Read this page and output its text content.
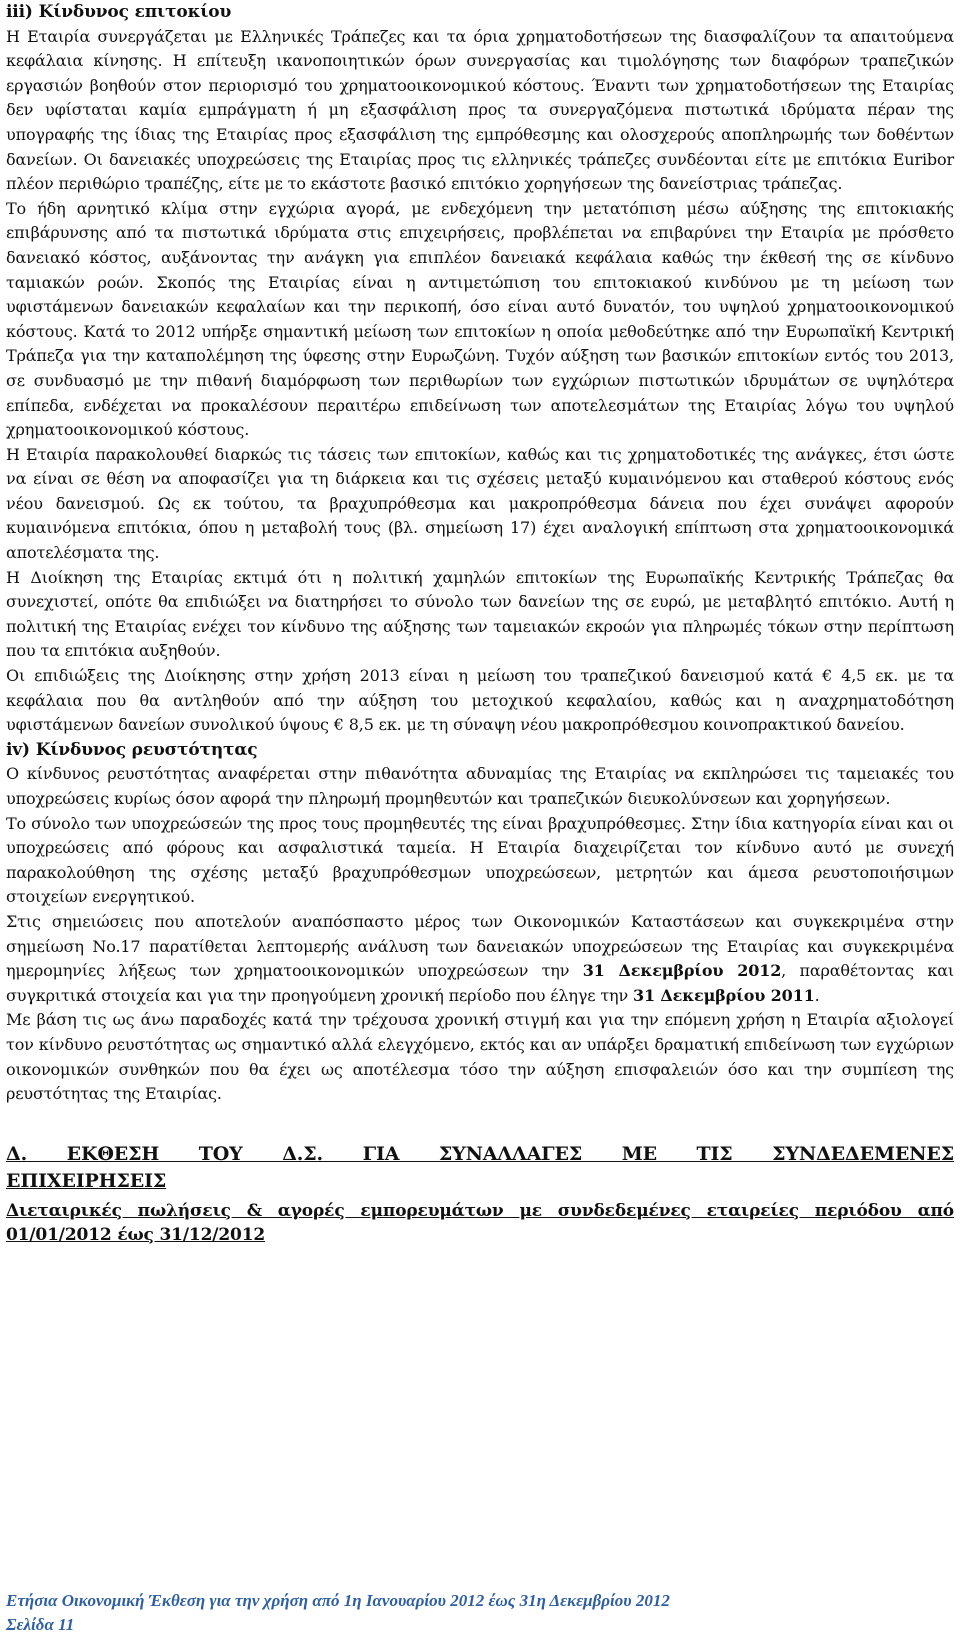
iii) Κίνδυνος επιτοκίου

Η Εταιρία συνεργάζεται με Ελληνικές Τράπεζες και τα όρια χρηματοδοτήσεων της διασφαλίζουν τα απαιτούμενα κεφάλαια κίνησης. Η επίτευξη ικανοποιητικών όρων συνεργασίας και τιμολόγησης των διαφόρων τραπεζικών εργασιών βοηθούν στον περιορισμό του χρηματοοικονομικού κόστους. Έναντι των χρηματοδοτήσεων της Εταιρίας δεν υφίσταται καμία εμπράγματη ή μη εξασφάλιση προς τα συνεργαζόμενα πιστωτικά ιδρύματα πέραν της υπογραφής της ίδιας της Εταιρίας προς εξασφάλιση της εμπρόθεσμης και ολοσχερούς αποπληρωμής των δοθέντων δανείων. Οι δανειακές υποχρεώσεις της Εταιρίας προς τις ελληνικές τράπεζες συνδέονται είτε με επιτόκια Euribor πλέον περιθώριο τραπέζης, είτε με το εκάστοτε βασικό επιτόκιο χορηγήσεων της δανείστριας τράπεζας.

Το ήδη αρνητικό κλίμα στην εγχώρια αγορά, με ενδεχόμενη την μετατόπιση μέσω αύξησης της επιτοκιακής επιβάρυνσης από τα πιστωτικά ιδρύματα στις επιχειρήσεις, προβλέπεται να επιβαρύνει την Εταιρία με πρόσθετο δανειακό κόστος, αυξάνοντας την ανάγκη για επιπλέον δανειακά κεφάλαια καθώς την έκθεσή της σε κίνδυνο ταμιακών ροών. Σκοπός της Εταιρίας είναι η αντιμετώπιση του επιτοκιακού κινδύνου με τη μείωση των υφιστάμενων δανειακών κεφαλαίων και την περικοπή, όσο είναι αυτό δυνατόν, του υψηλού χρηματοοικονομικού κόστους. Κατά το 2012 υπήρξε σημαντική μείωση των επιτοκίων η οποία μεθοδεύτηκε από την Ευρωπαϊκή Κεντρική Τράπεζα για την καταπολέμηση της ύφεσης στην Ευρωζώνη. Τυχόν αύξηση των βασικών επιτοκίων εντός του 2013, σε συνδυασμό με την πιθανή διαμόρφωση των περιθωρίων των εγχώριων πιστωτικών ιδρυμάτων σε υψηλότερα επίπεδα, ενδέχεται να προκαλέσουν περαιτέρω επιδείνωση των αποτελεσμάτων της Εταιρίας λόγω του υψηλού χρηματοοικονομικού κόστους.

Η Εταιρία παρακολουθεί διαρκώς τις τάσεις των επιτοκίων, καθώς και τις χρηματοδοτικές της ανάγκες, έτσι ώστε να είναι σε θέση να αποφασίζει για τη διάρκεια και τις σχέσεις μεταξύ κυμαινόμενου και σταθερού κόστους ενός νέου δανεισμού. Ως εκ τούτου, τα βραχυπρόθεσμα και μακροπρόθεσμα δάνεια που έχει συνάψει αφορούν κυμαινόμενα επιτόκια, όπου η μεταβολή τους (βλ. σημείωση 17) έχει αναλογική επίπτωση στα χρηματοοικονομικά αποτελέσματα της.

Η Διοίκηση της Εταιρίας εκτιμά ότι η πολιτική χαμηλών επιτοκίων της Ευρωπαϊκής Κεντρικής Τράπεζας θα συνεχιστεί, οπότε θα επιδιώξει να διατηρήσει το σύνολο των δανείων της σε ευρώ, με μεταβλητό επιτόκιο. Αυτή η πολιτική της Εταιρίας ενέχει τον κίνδυνο της αύξησης των ταμειακών εκροών για πληρωμές τόκων στην περίπτωση που τα επιτόκια αυξηθούν.

Οι επιδιώξεις της Διοίκησης στην χρήση 2013 είναι η μείωση του τραπεζικού δανεισμού κατά € 4,5 εκ. με τα κεφάλαια που θα αντληθούν από την αύξηση του μετοχικού κεφαλαίου, καθώς και η αναχρηματοδότηση υφιστάμενων δανείων συνολικού ύψους € 8,5 εκ. με τη σύναψη νέου μακροπρόθεσμου κοινοπρακτικού δανείου.

iv) Κίνδυνος ρευστότητας

Ο κίνδυνος ρευστότητας αναφέρεται στην πιθανότητα αδυναμίας της Εταιρίας να εκπληρώσει τις ταμειακές του υποχρεώσεις κυρίως όσον αφορά την πληρωμή προμηθευτών και τραπεζικών διευκολύνσεων και χορηγήσεων.

Το σύνολο των υποχρεώσεών της προς τους προμηθευτές της είναι βραχυπρόθεσμες. Στην ίδια κατηγορία είναι και οι υποχρεώσεις από φόρους και ασφαλιστικά ταμεία. Η Εταιρία διαχειρίζεται τον κίνδυνο αυτό με συνεχή παρακολούθηση της σχέσης μεταξύ βραχυπρόθεσμων υποχρεώσεων, μετρητών και άμεσα ρευστοποιήσιμων στοιχείων ενεργητικού.

Στις σημειώσεις που αποτελούν αναπόσπαστο μέρος των Οικονομικών Καταστάσεων και συγκεκριμένα στην σημείωση No.17 παρατίθεται λεπτομερής ανάλυση των δανειακών υποχρεώσεων της Εταιρίας και συγκεκριμένα ημερομηνίες λήξεως των χρηματοοικονομικών υποχρεώσεων την 31 Δεκεμβρίου 2012, παραθέτοντας και συγκριτικά στοιχεία και για την προηγούμενη χρονική περίοδο που έληγε την 31 Δεκεμβρίου 2011.

Με βάση τις ως άνω παραδοχές κατά την τρέχουσα χρονική στιγμή και για την επόμενη χρήση η Εταιρία αξιολογεί τον κίνδυνο ρευστότητας ως σημαντικό αλλά ελεγχόμενο, εκτός και αν υπάρξει δραματική επιδείνωση των εγχώριων οικονομικών συνθηκών που θα έχει ως αποτέλεσμα τόσο την αύξηση επισφαλειών όσο και την συμπίεση της ρευστότητας της Εταιρίας.

Δ. ΕΚΘΕΣΗ ΤΟΥ Δ.Σ. ΓΙΑ ΣΥΝΑΛΛΑΓΕΣ ΜΕ ΤΙΣ ΣΥΝΔΕΔΕΜΕΝΕΣ

ΕΠΙΧΕΙΡΗΣΕΙΣ

Διεταιρικές πωλήσεις & αγορές εμπορευμάτων με συνδεδεμένες εταιρείες περιόδου από 01/01/2012 έως 31/12/2012

Ετήσια Οικονομική Έκθεση για την χρήση από 1η Ιανουαρίου 2012 έως 31η Δεκεμβρίου 2012
Σελίδα 11
